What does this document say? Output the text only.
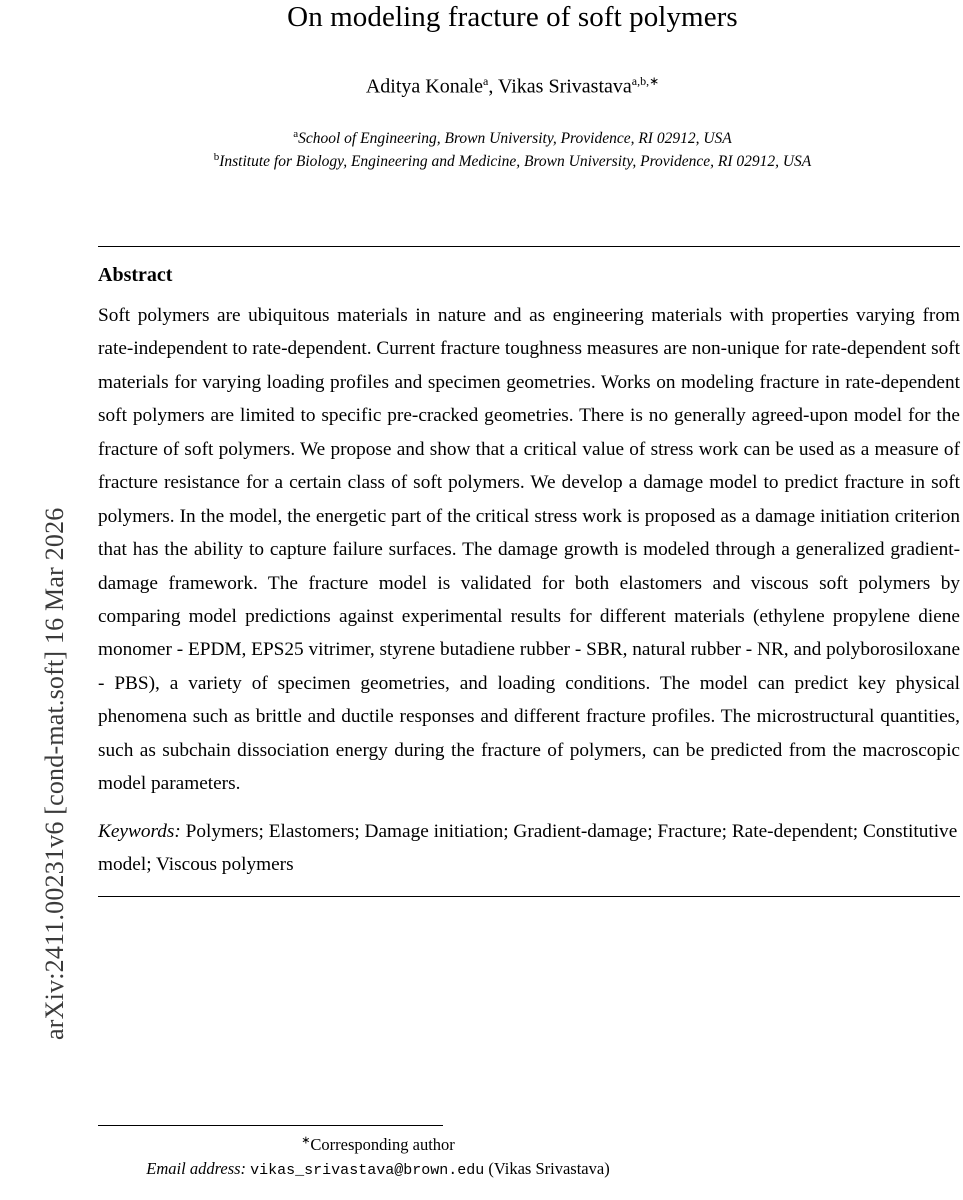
arXiv:2411.00231v6 [cond-mat.soft] 16 Mar 2026
On modeling fracture of soft polymers
Aditya Konale$^a$, Vikas Srivastava$^{a,b,∗}$
$^a$School of Engineering, Brown University, Providence, RI 02912, USA
$^b$Institute for Biology, Engineering and Medicine, Brown University, Providence, RI 02912, USA
Abstract
Soft polymers are ubiquitous materials in nature and as engineering materials with properties varying from rate-independent to rate-dependent. Current fracture toughness measures are non-unique for rate-dependent soft materials for varying loading profiles and specimen geometries. Works on modeling fracture in rate-dependent soft polymers are limited to specific pre-cracked geometries. There is no generally agreed-upon model for the fracture of soft polymers. We propose and show that a critical value of stress work can be used as a measure of fracture resistance for a certain class of soft polymers. We develop a damage model to predict fracture in soft polymers. In the model, the energetic part of the critical stress work is proposed as a damage initiation criterion that has the ability to capture failure surfaces. The damage growth is modeled through a generalized gradient-damage framework. The fracture model is validated for both elastomers and viscous soft polymers by comparing model predictions against experimental results for different materials (ethylene propylene diene monomer - EPDM, EPS25 vitrimer, styrene butadiene rubber - SBR, natural rubber - NR, and polyborosiloxane - PBS), a variety of specimen geometries, and loading conditions. The model can predict key physical phenomena such as brittle and ductile responses and different fracture profiles. The microstructural quantities, such as subchain dissociation energy during the fracture of polymers, can be predicted from the macroscopic model parameters.
Keywords: Polymers; Elastomers; Damage initiation; Gradient-damage; Fracture; Rate-dependent; Constitutive model; Viscous polymers
∗Corresponding author
Email address: vikas_srivastava@brown.edu (Vikas Srivastava)
